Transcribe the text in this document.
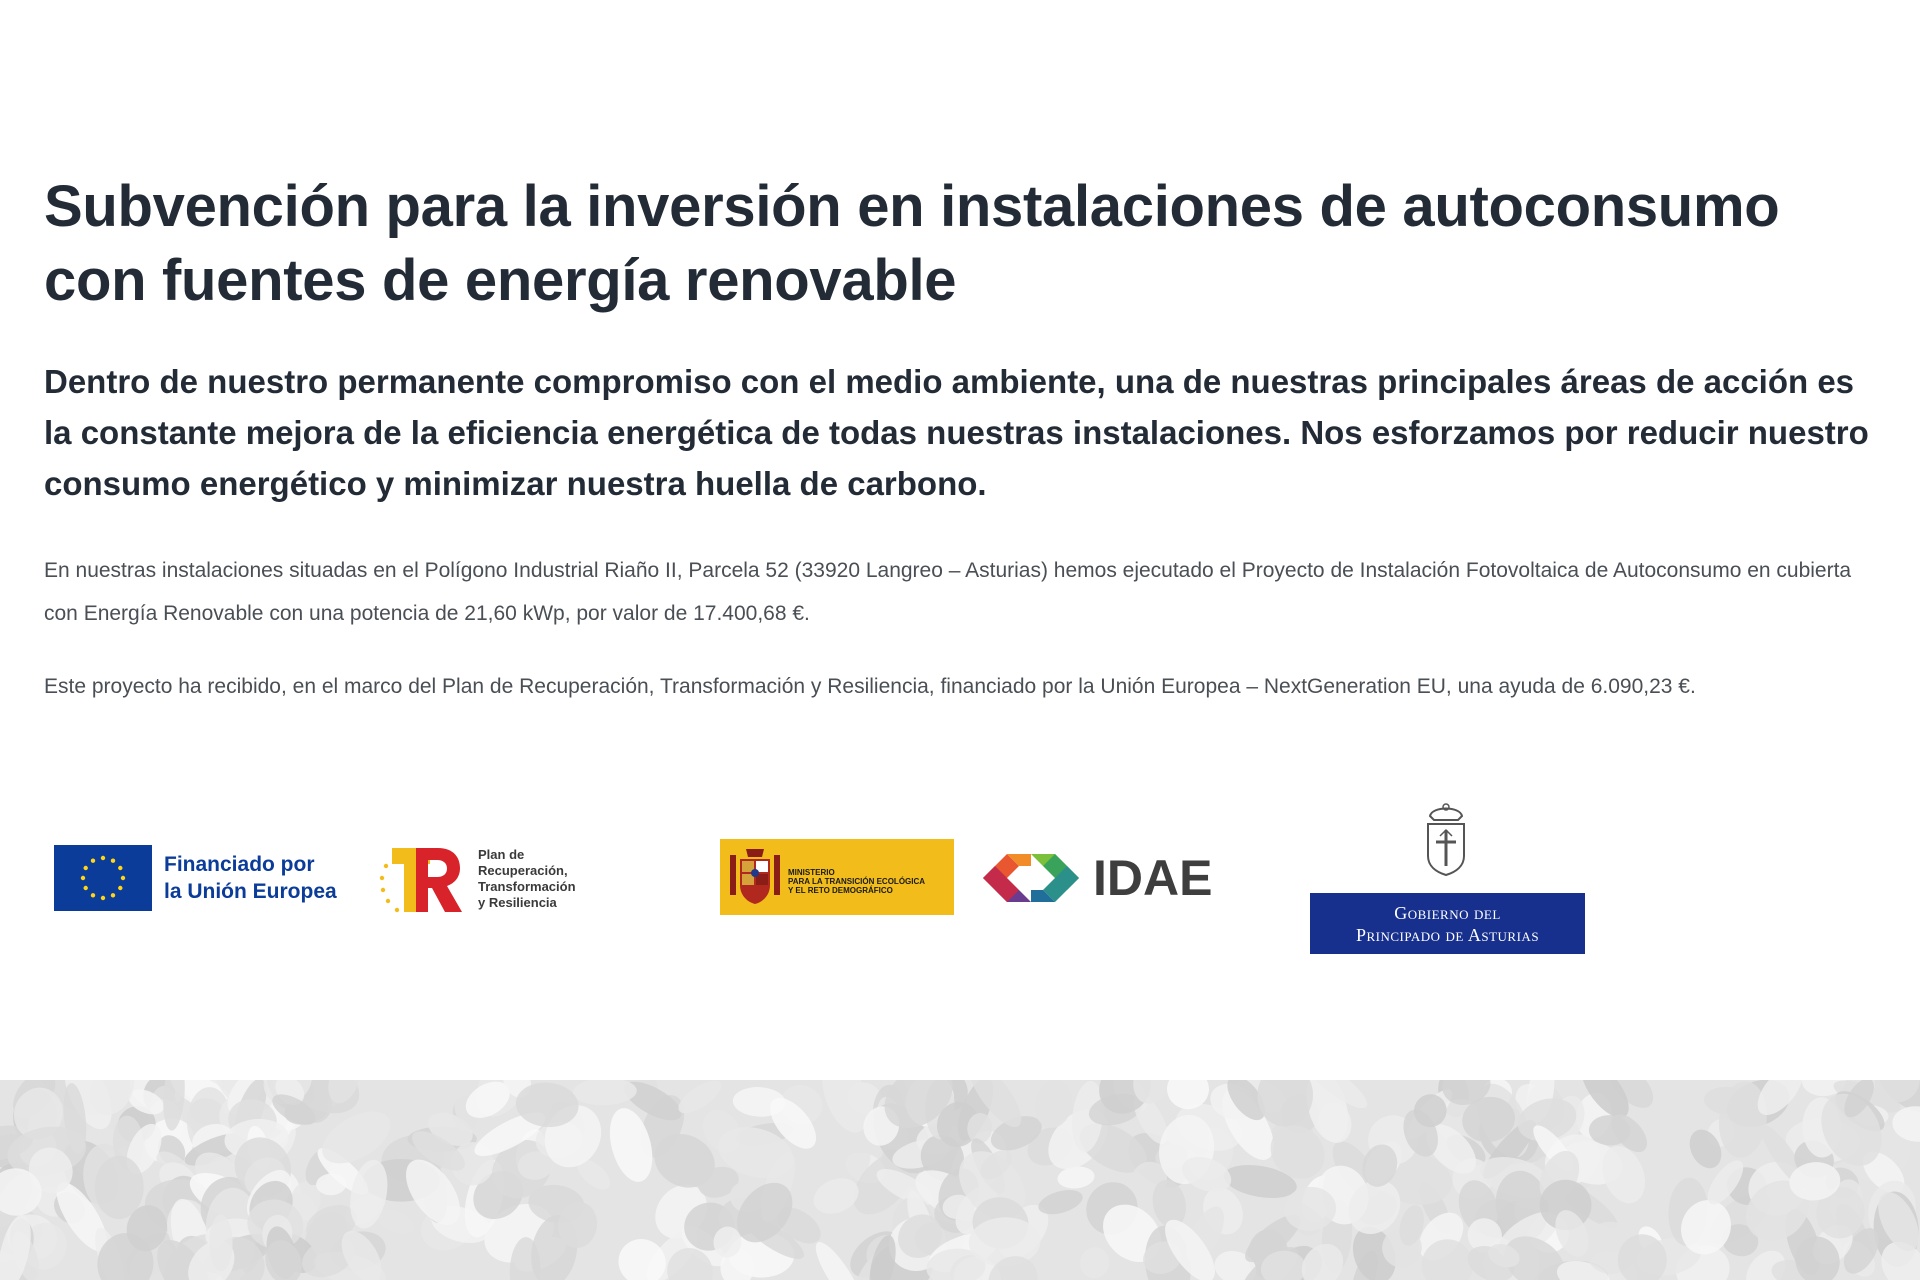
Subvención para la inversión en instalaciones de autoconsumo con fuentes de energía renovable

Dentro de nuestro permanente compromiso con el medio ambiente, una de nuestras principales áreas de acción es la constante mejora de la eficiencia energética de todas nuestras instalaciones. Nos esforzamos por reducir nuestro consumo energético y minimizar nuestra huella de carbono.

En nuestras instalaciones situadas en el Polígono Industrial Riaño II, Parcela 52 (33920 Langreo – Asturias) hemos ejecutado el Proyecto de Instalación Fotovoltaica de Autoconsumo en cubierta con Energía Renovable con una potencia de 21,60 kWp, por valor de 17.400,68 €.

Este proyecto ha recibido, en el marco del Plan de Recuperación, Transformación y Resiliencia, financiado por la Unión Europea – NextGeneration EU, una ayuda de 6.090,23 €.

Financiado por
la Unión Europea
Plan de
Recuperación,
Transformación
y Resiliencia
MINISTERIO
PARA LA TRANSICIÓN ECOLÓGICA
Y EL RETO DEMOGRÁFICO	IDAE
Gobierno del
Principado de Asturias
